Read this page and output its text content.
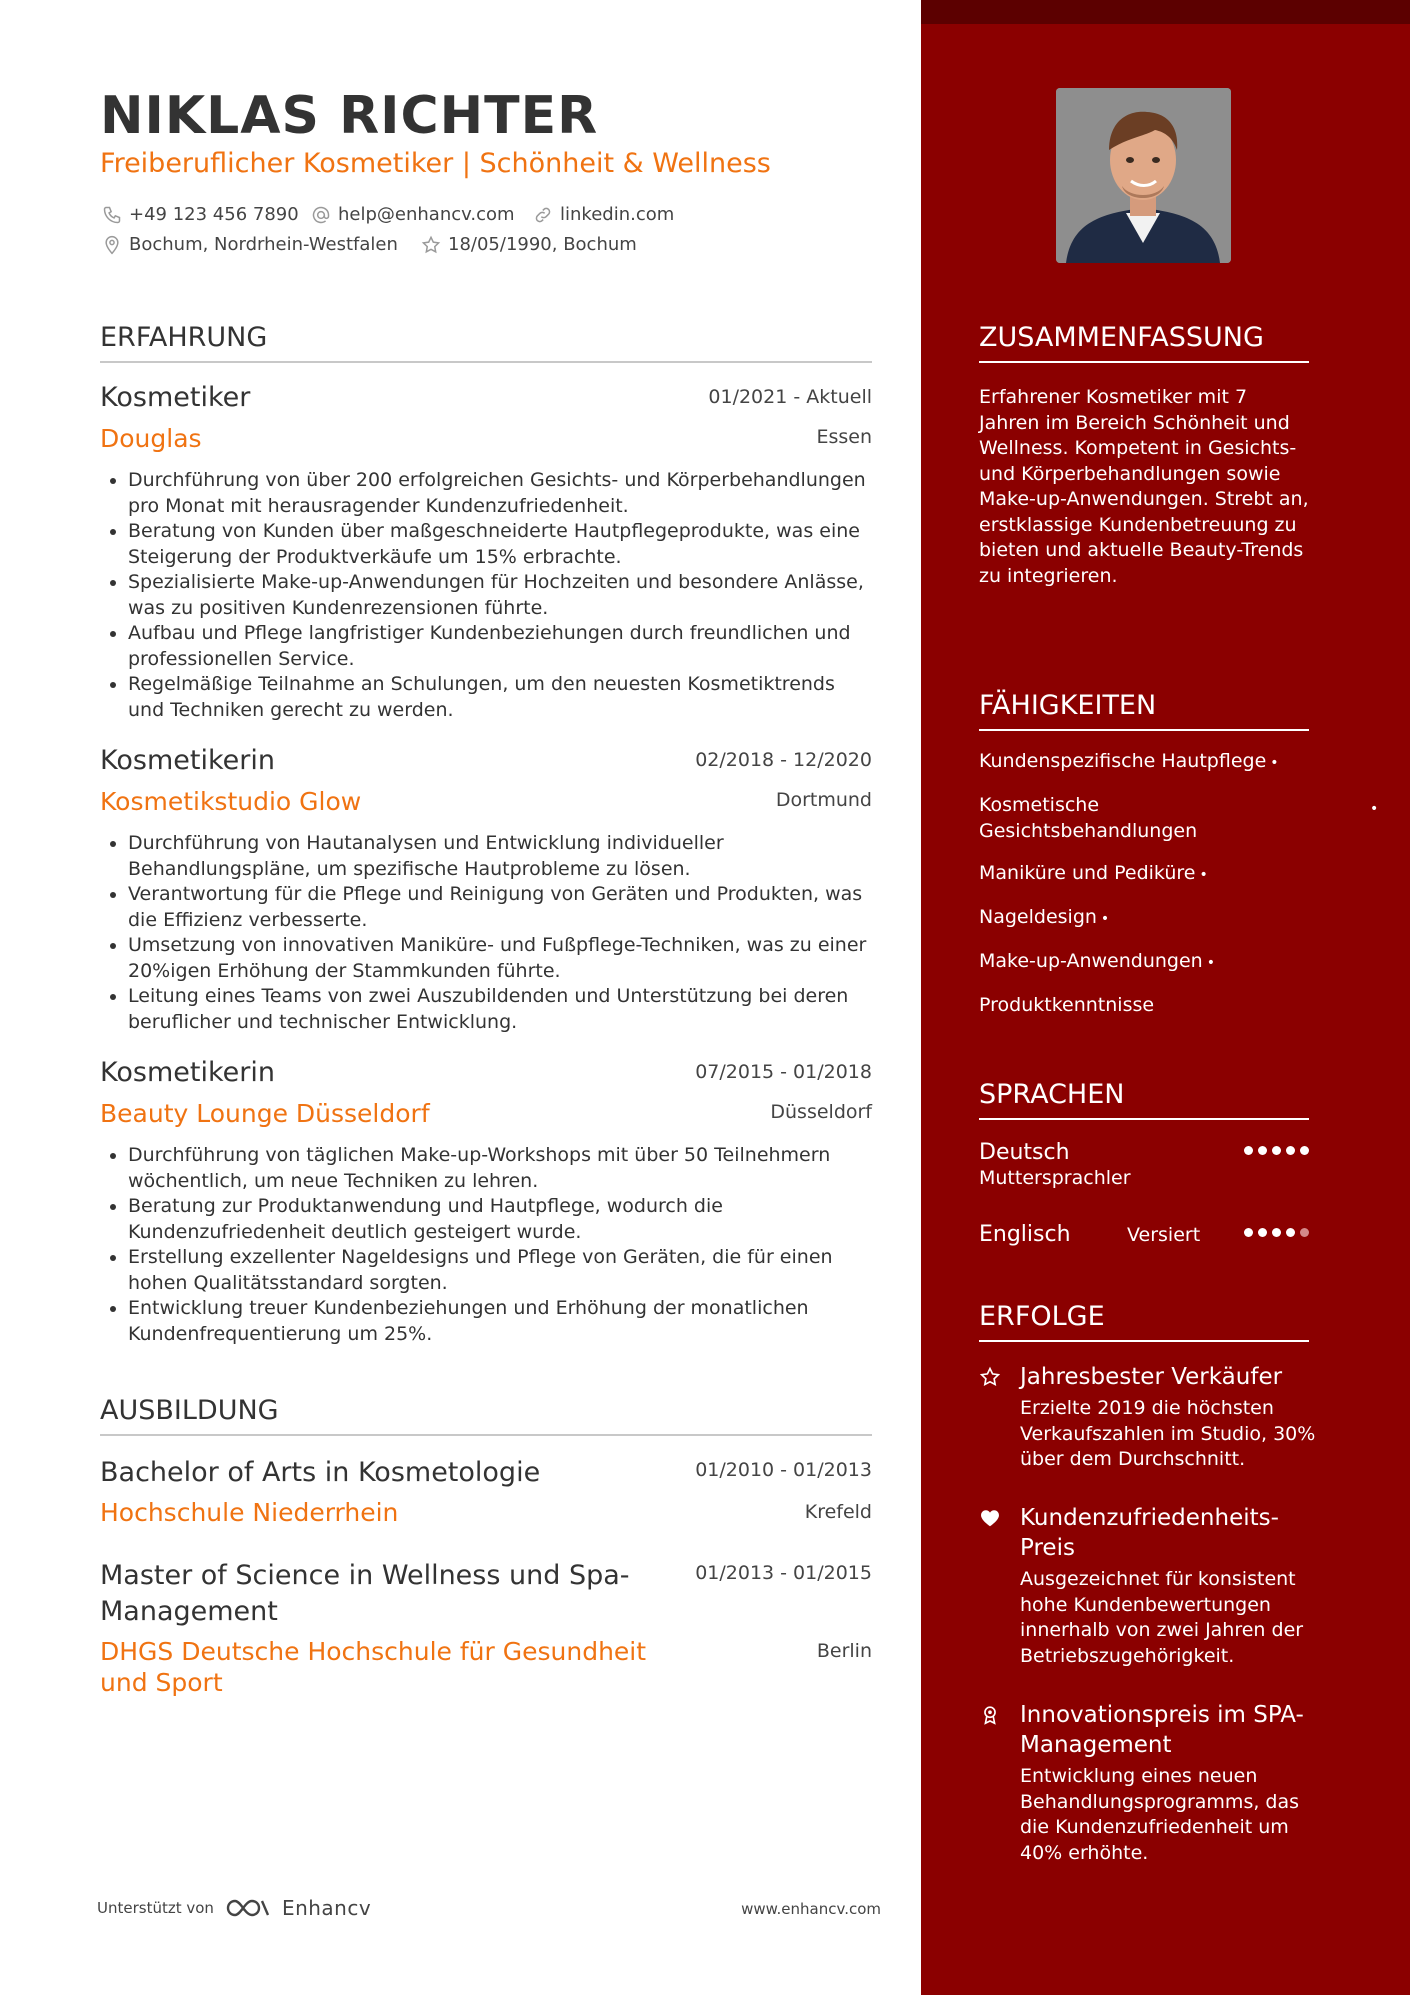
NIKLAS RICHTER
Freiberuflicher Kosmetiker | Schönheit & Wellness
+49 123 456 7890 help@enhancv.com	linkedin.com
Bochum, Nordrhein-Westfalen	18/05/1990, Bochum
ERFAHRUNG
Kosmetiker	01/2021 - Aktuell
Douglas	Essen
• Durchführung von über 200 erfolgreichen Gesichts- und Körperbehandlungen pro Monat mit herausragender Kundenzufriedenheit.
• Beratung von Kunden über maßgeschneiderte Hautpflegeprodukte, was eine Steigerung der Produktverkäufe um 15% erbrachte.
• Spezialisierte Make-up-Anwendungen für Hochzeiten und besondere Anlässe, was zu positiven Kundenrezensionen führte.
• Aufbau und Pflege langfristiger Kundenbeziehungen durch freundlichen und professionellen Service.
• Regelmäßige Teilnahme an Schulungen, um den neuesten Kosmetiktrends und Techniken gerecht zu werden.
Kosmetikerin	02/2018 - 12/2020
Kosmetikstudio Glow	Dortmund
• Durchführung von Hautanalysen und Entwicklung individueller Behandlungspläne, um spezifische Hautprobleme zu lösen.
• Verantwortung für die Pflege und Reinigung von Geräten und Produkten, was die Effizienz verbesserte.
• Umsetzung von innovativen Maniküre- und Fußpflege-Techniken, was zu einer 20%igen Erhöhung der Stammkunden führte.
• Leitung eines Teams von zwei Auszubildenden und Unterstützung bei deren beruflicher und technischer Entwicklung.
Kosmetikerin	07/2015 - 01/2018
Beauty Lounge Düsseldorf	Düsseldorf
• Durchführung von täglichen Make-up-Workshops mit über 50 Teilnehmern wöchentlich, um neue Techniken zu lehren.
• Beratung zur Produktanwendung und Hautpflege, wodurch die Kundenzufriedenheit deutlich gesteigert wurde.
• Erstellung exzellenter Nageldesigns und Pflege von Geräten, die für einen hohen Qualitätsstandard sorgten.
• Entwicklung treuer Kundenbeziehungen und Erhöhung der monatlichen Kundenfrequentierung um 25%.
AUSBILDUNG
Bachelor of Arts in Kosmetologie	01/2010 - 01/2013
Hochschule Niederrhein	Krefeld
Master of Science in Wellness und Spa-Management
01/2013 - 01/2015
DHGS Deutsche Hochschule für Gesundheit und Sport
Berlin
Unterstützt von	Enhancv	www.enhancv.com
ZUSAMMENFASSUNG

Erfahrener Kosmetiker mit 7 Jahren im Bereich Schönheit und Wellness. Kompetent in Gesichts- und Körperbehandlungen sowie Make-up-Anwendungen. Strebt an, erstklassige Kundenbetreuung zu bieten und aktuelle Beauty-Trends zu integrieren.

FÄHIGKEITEN
Kundenspezifische Hautpflege •
Kosmetische Gesichtsbehandlungen
•
Maniküre und Pediküre •
Nageldesign •
Make-up-Anwendungen •
Produktkenntnisse
SPRACHEN
Deutsch
Muttersprachler
Englisch	Versiert
ERFOLGE
Jahresbester Verkäufer
Erzielte 2019 die höchsten Verkaufszahlen im Studio, 30% über dem Durchschnitt.
Kundenzufriedenheits-Preis
Ausgezeichnet für konsistent hohe Kundenbewertungen innerhalb von zwei Jahren der Betriebszugehörigkeit.
Innovationspreis im SPA-Management
Entwicklung eines neuen Behandlungsprogramms, das die Kundenzufriedenheit um 40% erhöhte.
